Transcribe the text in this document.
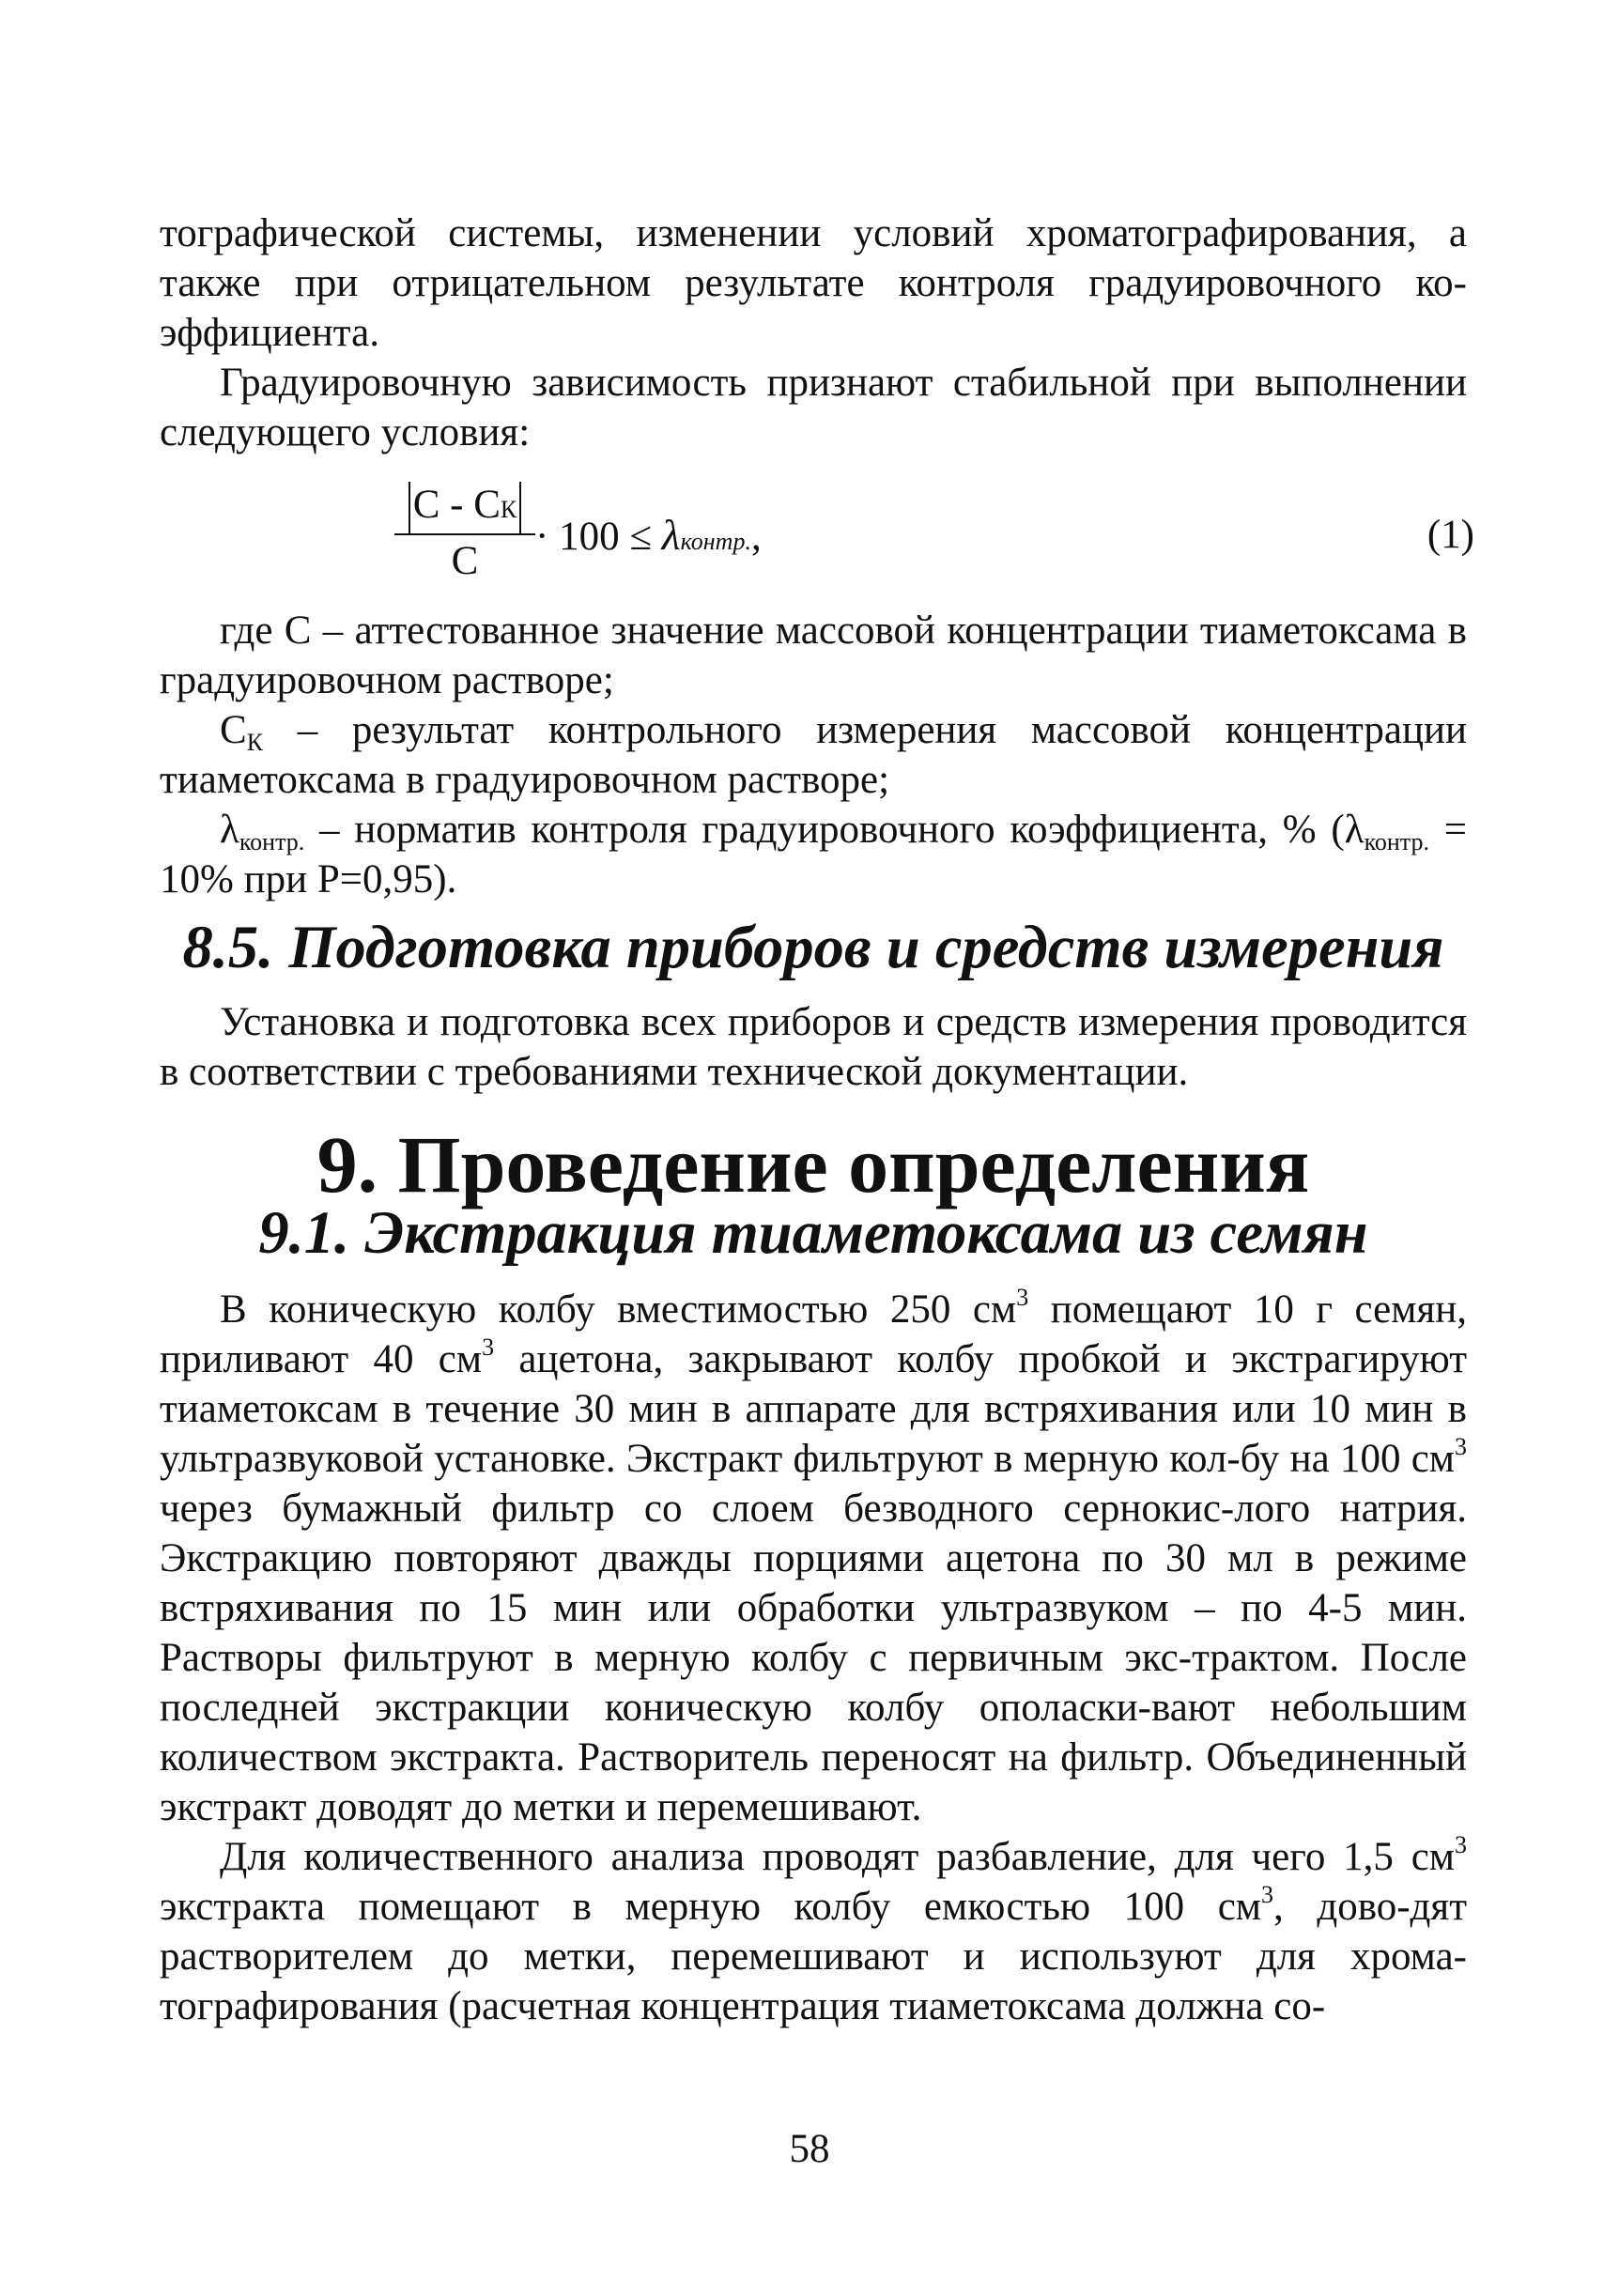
тографической системы, изменении условий хроматографирования, а также при отрицательном результате контроля градуировочного ко-эффициента.

Градуировочную зависимость признают стабильной при выполнении следующего условия:

С - СК
С
· 100 ≤ λконтр.,	(1)

где С – аттестованное значение массовой концентрации тиаметоксама в градуировочном растворе;

$С_К$ – результат контрольного измерения массовой концентрации тиаметоксама в градуировочном растворе;

$\lambda_{контр.}$ – норматив контроля градуировочного коэффициента, % ($\lambda_{контр.} = 10\%$ при Р=0,95).

8.5. Подготовка приборов и средств измерения

Установка и подготовка всех приборов и средств измерения проводится в соответствии с требованиями технической документации.

9. Проведение определения
9.1. Экстракция тиаметоксама из семян

В коническую колбу вместимостью 250 $см^3$ помещают 10 г семян, приливают 40 $см^3$ ацетона, закрывают колбу пробкой и экстрагируют тиаметоксам в течение 30 мин в аппарате для встряхивания или 10 мин в ультразвуковой установке. Экстракт фильтруют в мерную кол-бу на 100 $см^3$ через бумажный фильтр со слоем безводного сернокис-лого натрия. Экстракцию повторяют дважды порциями ацетона по 30 мл в режиме встряхивания по 15 мин или обработки ультразвуком – по 4-5 мин. Растворы фильтруют в мерную колбу с первичным экс-трактом. После последней экстракции коническую колбу ополаски-вают небольшим количеством экстракта. Растворитель переносят на фильтр. Объединенный экстракт доводят до метки и перемешивают.

Для количественного анализа проводят разбавление, для чего 1,5 $см^3$ экстракта помещают в мерную колбу емкостью 100 $см^3$, дово-дят растворителем до метки, перемешивают и используют для хрома-тографирования (расчетная концентрация тиаметоксама должна со-

58
